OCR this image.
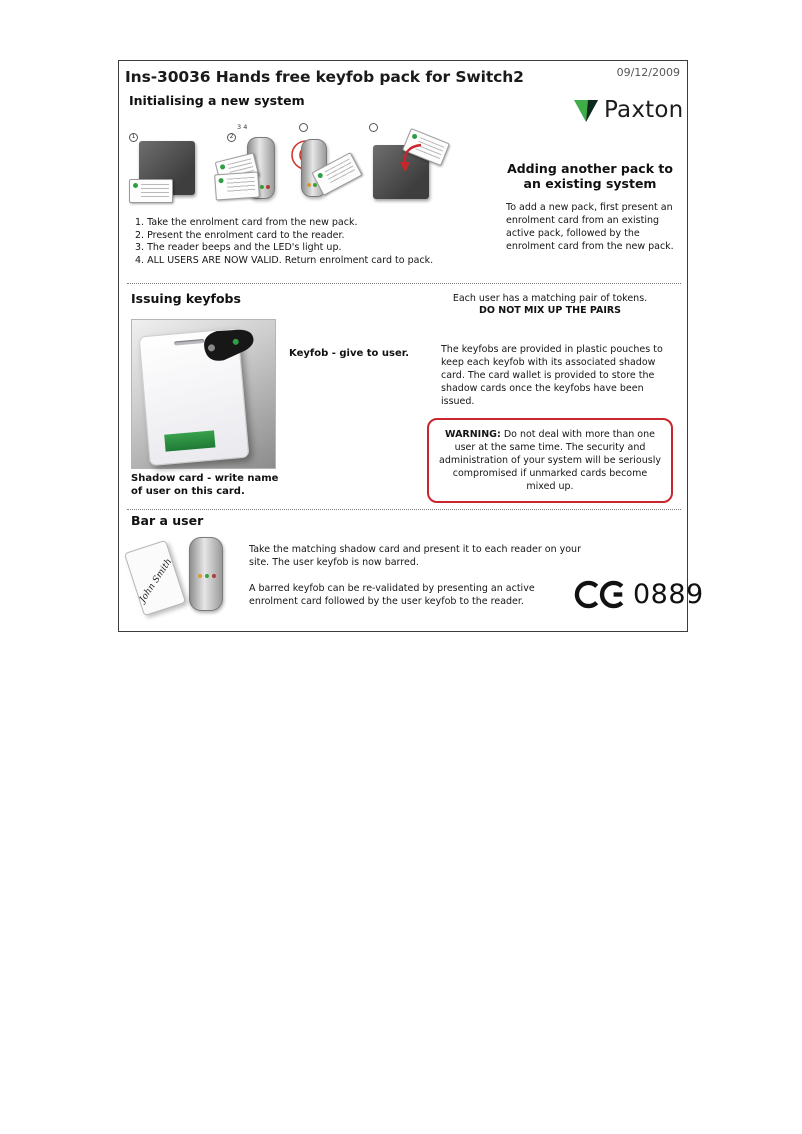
Ins-30036 Hands free keyfob pack for Switch2	09/12/2009
Paxton
Initialising a new system
1	$2^{3 4}$
1. Take the enrolment card from the new pack.
2. Present the enrolment card to the reader.
3. The reader beeps and the LED's light up.
4. ALL USERS ARE NOW VALID. Return enrolment card to pack.
Adding another pack to an existing system
To add a new pack, first present an enrolment card from an existing active pack, followed by the enrolment card from the new pack.
Issuing keyfobs	Each user has a matching pair of tokens.
DO NOT MIX UP THE PAIRS
Keyfob - give to user.	The keyfobs are provided in plastic pouches to keep each keyfob with its associated shadow card. The card wallet is provided to store the shadow cards once the keyfobs have been issued.
WARNING: Do not deal with more than one user at the same time. The security and administration of your system will be seriously compromised if unmarked cards become mixed up.
Shadow card - write name of user on this card.
Bar a user
John Smith
Take the matching shadow card and present it to each reader on your site. The user keyfob is now barred.
A barred keyfob can be re-validated by presenting an active enrolment card followed by the user keyfob to the reader.	0889
